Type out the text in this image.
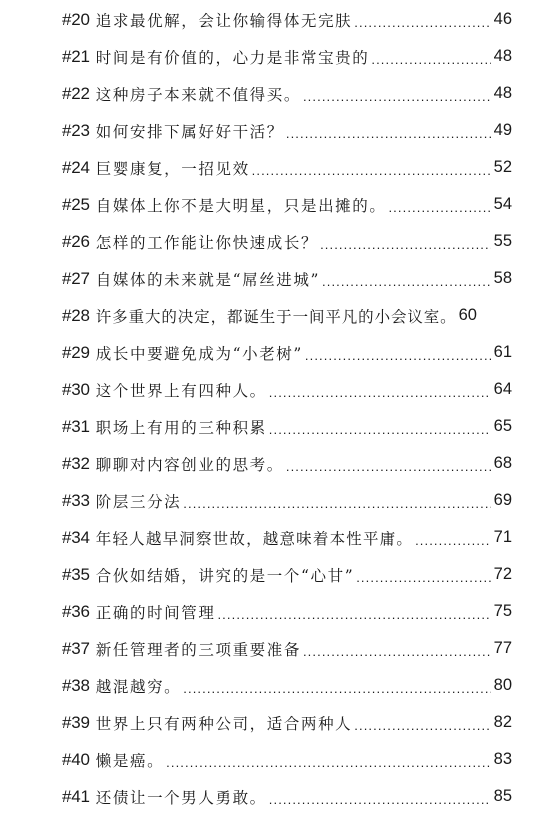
#20 追求最优解，会让你输得体无完肤 .....	46
#21 时间是有价值的，心力是非常宝贵的 .....	48
#22 这种房子本来就不值得买。 .....	48
#23 如何安排下属好好干活？ .....	49
#24 巨婴康复，一招见效 .....	52
#25 自媒体上你不是大明星，只是出摊的。 .....	54
#26 怎样的工作能让你快速成长？ .....	55
#27 自媒体的未来就是“屌丝进城” .....	58
#28 许多重大的决定，都诞生于一间平凡的小会议室。 60
#29 成长中要避免成为“小老树” .....	61
#30 这个世界上有四种人。 .....	64
#31 职场上有用的三种积累 .....	65
#32 聊聊对内容创业的思考。 .....	68
#33 阶层三分法 .....	69
#34 年轻人越早洞察世故，越意味着本性平庸。 .....	71
#35 合伙如结婚，讲究的是一个“心甘” .....	72
#36 正确的时间管理 .....	75
#37 新任管理者的三项重要准备 .....	77
#38 越混越穷。 .....	80
#39 世界上只有两种公司，适合两种人 .....	82
#40 懒是癌。 .....	83
#41 还债让一个男人勇敢。 .....	85
